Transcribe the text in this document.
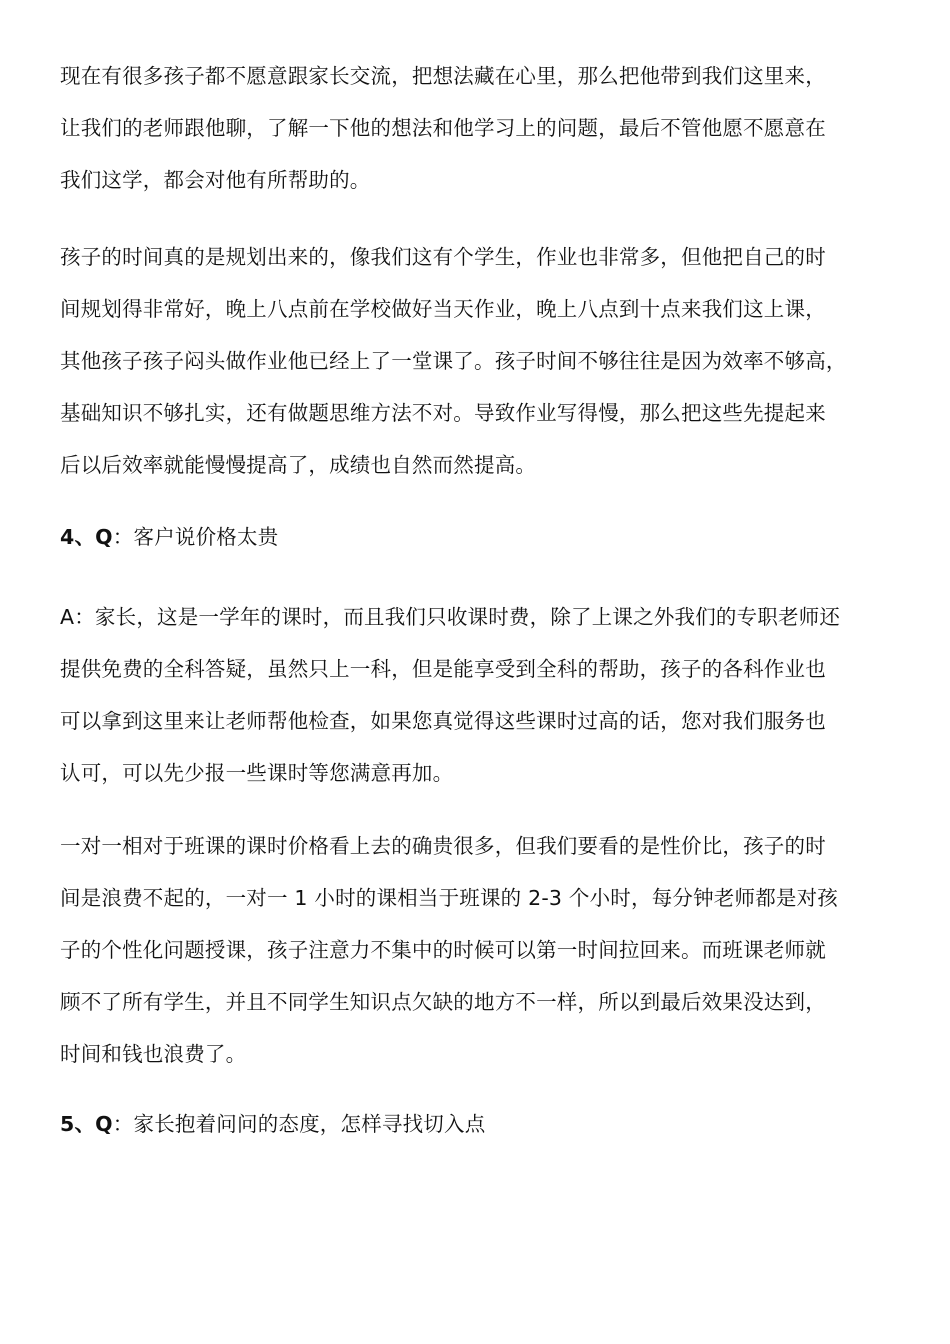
现在有很多孩子都不愿意跟家长交流，把想法藏在心里，那么把他带到我们这里来，
让我们的老师跟他聊，了解一下他的想法和他学习上的问题，最后不管他愿不愿意在
我们这学，都会对他有所帮助的。
孩子的时间真的是规划出来的，像我们这有个学生，作业也非常多，但他把自己的时
间规划得非常好，晚上八点前在学校做好当天作业，晚上八点到十点来我们这上课，
其他孩子孩子闷头做作业他已经上了一堂课了。孩子时间不够往往是因为效率不够高，
基础知识不够扎实，还有做题思维方法不对。导致作业写得慢，那么把这些先提起来
后以后效率就能慢慢提高了，成绩也自然而然提高。
4、Q：客户说价格太贵
A：家长，这是一学年的课时，而且我们只收课时费，除了上课之外我们的专职老师还
提供免费的全科答疑，虽然只上一科，但是能享受到全科的帮助，孩子的各科作业也
可以拿到这里来让老师帮他检查，如果您真觉得这些课时过高的话，您对我们服务也
认可，可以先少报一些课时等您满意再加。
一对一相对于班课的课时价格看上去的确贵很多，但我们要看的是性价比，孩子的时
间是浪费不起的，一对一 1 小时的课相当于班课的 2-3 个小时，每分钟老师都是对孩
子的个性化问题授课，孩子注意力不集中的时候可以第一时间拉回来。而班课老师就
顾不了所有学生，并且不同学生知识点欠缺的地方不一样，所以到最后效果没达到，
时间和钱也浪费了。
5、Q：家长抱着问问的态度，怎样寻找切入点
